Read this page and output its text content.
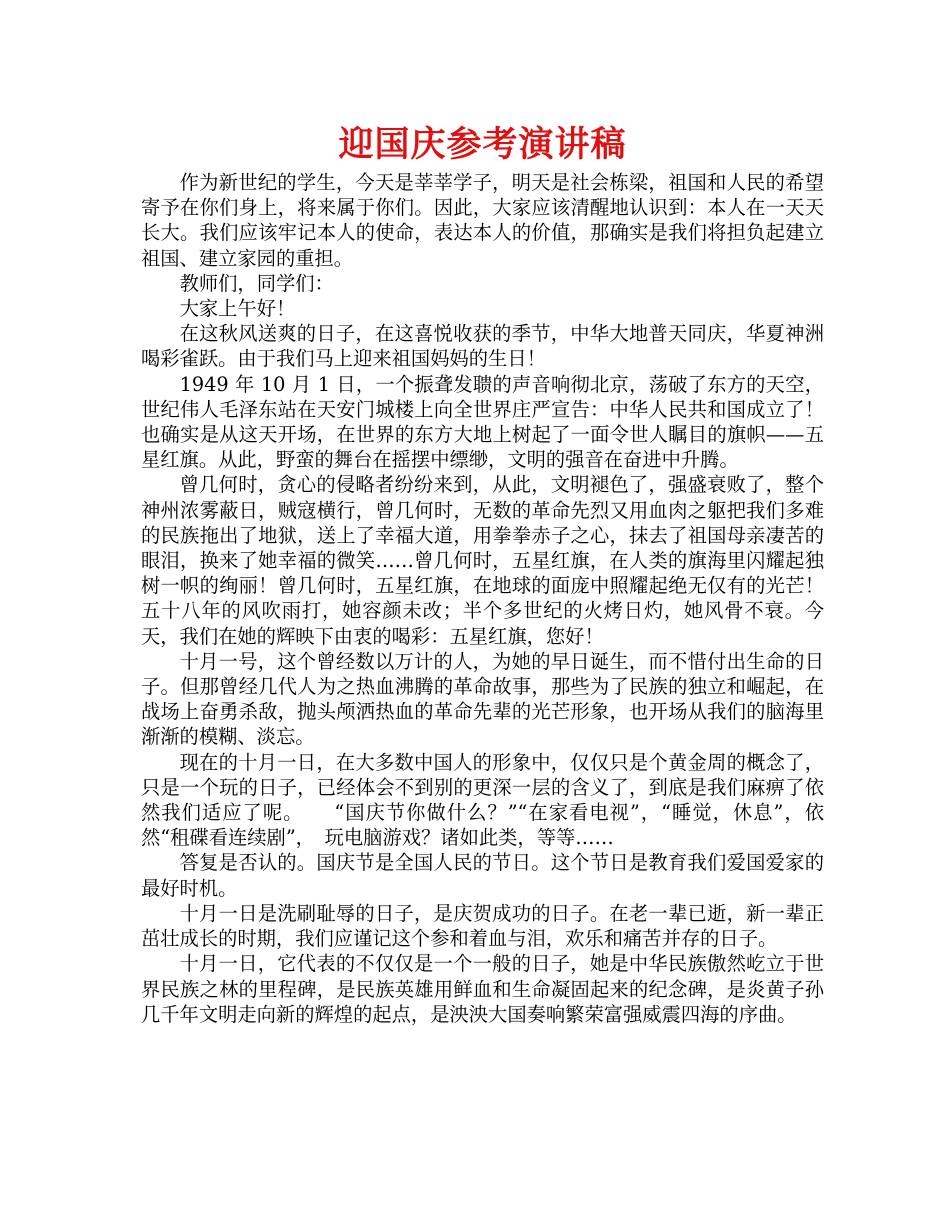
迎国庆参考演讲稿

作为新世纪的学生，今天是莘莘学子，明天是社会栋梁，祖国和人民的希望寄予在你们身上，将来属于你们。因此，大家应该清醒地认识到：本人在一天天长大。我们应该牢记本人的使命，表达本人的价值，那确实是我们将担负起建立祖国、建立家园的重担。

教师们，同学们：

大家上午好！

在这秋风送爽的日子，在这喜悦收获的季节，中华大地普天同庆，华夏神洲喝彩雀跃。由于我们马上迎来祖国妈妈的生日！

1949 年 10 月 1 日，一个振聋发聩的声音响彻北京，荡破了东方的天空，世纪伟人毛泽东站在天安门城楼上向全世界庄严宣告：中华人民共和国成立了！也确实是从这天开场，在世界的东方大地上树起了一面令世人瞩目的旗帜——五星红旗。从此，野蛮的舞台在摇摆中缥缈，文明的强音在奋进中升腾。

曾几何时，贪心的侵略者纷纷来到，从此，文明褪色了，强盛衰败了，整个神州浓雾蔽日，贼寇横行，曾几何时，无数的革命先烈又用血肉之躯把我们多难的民族拖出了地狱，送上了幸福大道，用拳拳赤子之心，抹去了祖国母亲凄苦的眼泪，换来了她幸福的微笑……曾几何时，五星红旗，在人类的旗海里闪耀起独树一帜的绚丽！曾几何时，五星红旗，在地球的面庞中照耀起绝无仅有的光芒！五十八年的风吹雨打，她容颜未改；半个多世纪的火烤日灼，她风骨不衰。今天，我们在她的辉映下由衷的喝彩：五星红旗，您好！

十月一号，这个曾经数以万计的人，为她的早日诞生，而不惜付出生命的日子。但那曾经几代人为之热血沸腾的革命故事，那些为了民族的独立和崛起，在战场上奋勇杀敌，抛头颅洒热血的革命先辈的光芒形象，也开场从我们的脑海里渐渐的模糊、淡忘。

现在的十月一日，在大多数中国人的形象中，仅仅只是个黄金周的概念了，只是一个玩的日子，已经体会不到别的更深一层的含义了，到底是我们麻痹了依然我们适应了呢。　　“国庆节你做什么？”“在家看电视”，“睡觉，休息”，依然“租碟看连续剧”，　玩电脑游戏？诸如此类，等等……

答复是否认的。国庆节是全国人民的节日。这个节日是教育我们爱国爱家的最好时机。

十月一日是洗刷耻辱的日子，是庆贺成功的日子。在老一辈已逝，新一辈正茁壮成长的时期，我们应谨记这个参和着血与泪，欢乐和痛苦并存的日子。

十月一日，它代表的不仅仅是一个一般的日子，她是中华民族傲然屹立于世界民族之林的里程碑，是民族英雄用鲜血和生命凝固起来的纪念碑，是炎黄子孙几千年文明走向新的辉煌的起点，是泱泱大国奏响繁荣富强威震四海的序曲。
